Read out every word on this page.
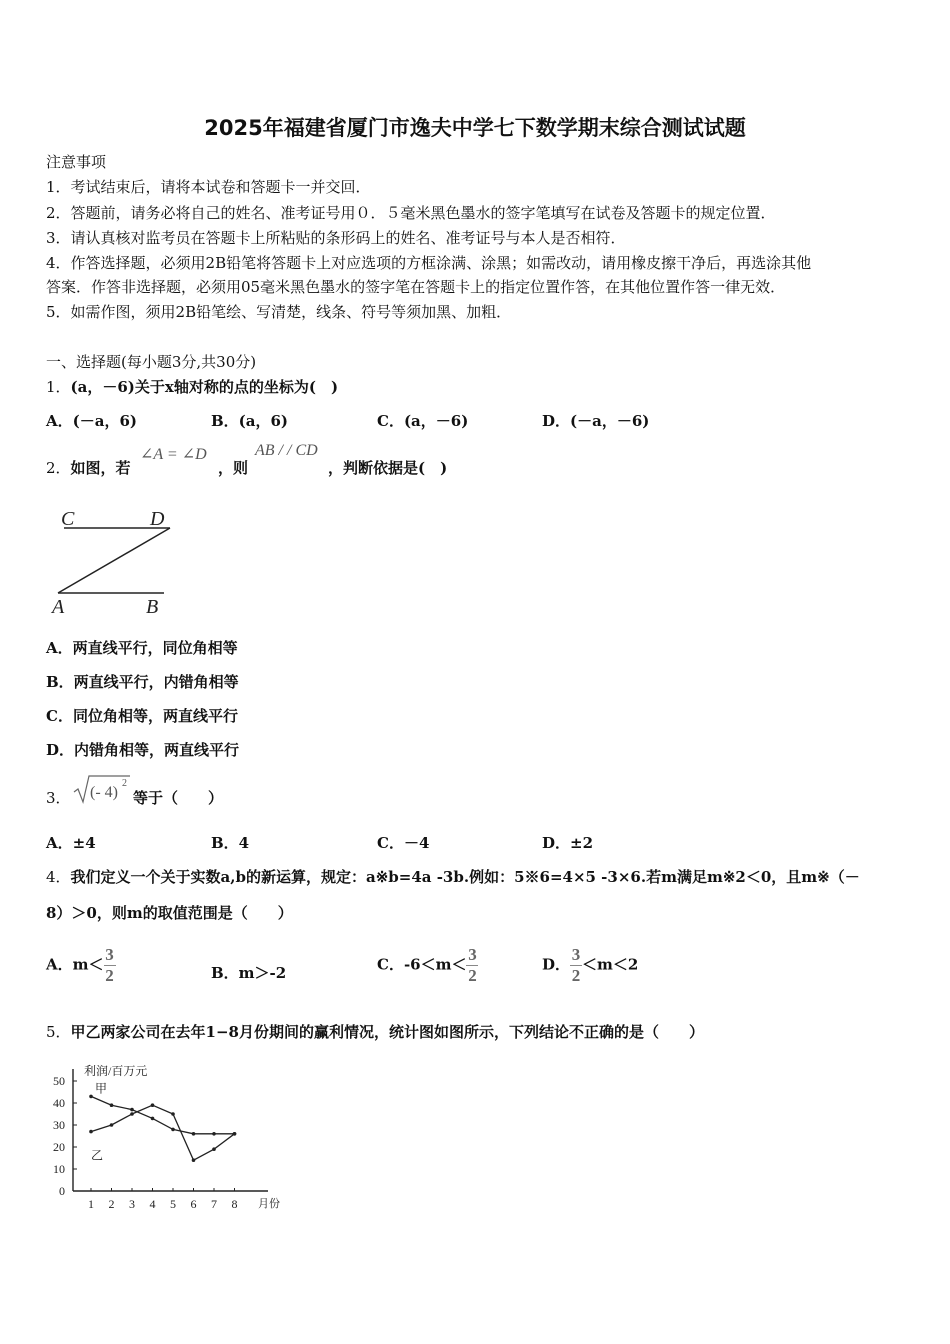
2025年福建省厦门市逸夫中学七下数学期末综合测试试题
注意事项
1．考试结束后，请将本试卷和答题卡一并交回．
2．答题前，请务必将自己的姓名、准考证号用０．５毫米黑色墨水的签字笔填写在试卷及答题卡的规定位置．
3．请认真核对监考员在答题卡上所粘贴的条形码上的姓名、准考证号与本人是否相符．
4．作答选择题，必须用2B铅笔将答题卡上对应选项的方框涂满、涂黑；如需改动，请用橡皮擦干净后，再选涂其他
答案．作答非选择题，必须用05毫米黑色墨水的签字笔在答题卡上的指定位置作答，在其他位置作答一律无效．
5．如需作图，须用2B铅笔绘、写清楚，线条、符号等须加黑、加粗．
一、选择题(每小题3分,共30分)
1．(a，－6)关于x轴对称的点的坐标为(　)
A．(－a，6)	B．(a，6)	C．(a，－6)	D．(－a，－6)
2．如图，若
∠A = ∠D
，则
AB / / CD
，判断依据是(　)
C	D
A	B
A．两直线平行，同位角相等
B．两直线平行，内错角相等
C．同位角相等，两直线平行
D．内错角相等，两直线平行
3． (- 4)
2
等于（　　）
A．±4	B．4	C．－4	D．±2
4．我们定义一个关于实数a,b的新运算，规定：a※b=4a -3b.例如：5※6=4×5 -3×6.若m满足m※2＜0，且m※（－
8）＞0，则m的取值范围是（　　）
A．$m<\frac{3}{2}$	B．m＞-2	C．$-6<m<\frac{3}{2}$	D．$\frac{3}{2}<m<2$
5．甲乙两家公司在去年1−8月份期间的赢利情况，统计图如图所示，下列结论不正确的是（　　）
利润/百万元
月份
0
10
20
30
40
50
1 2 3 4 5 6 7 8
甲
乙
